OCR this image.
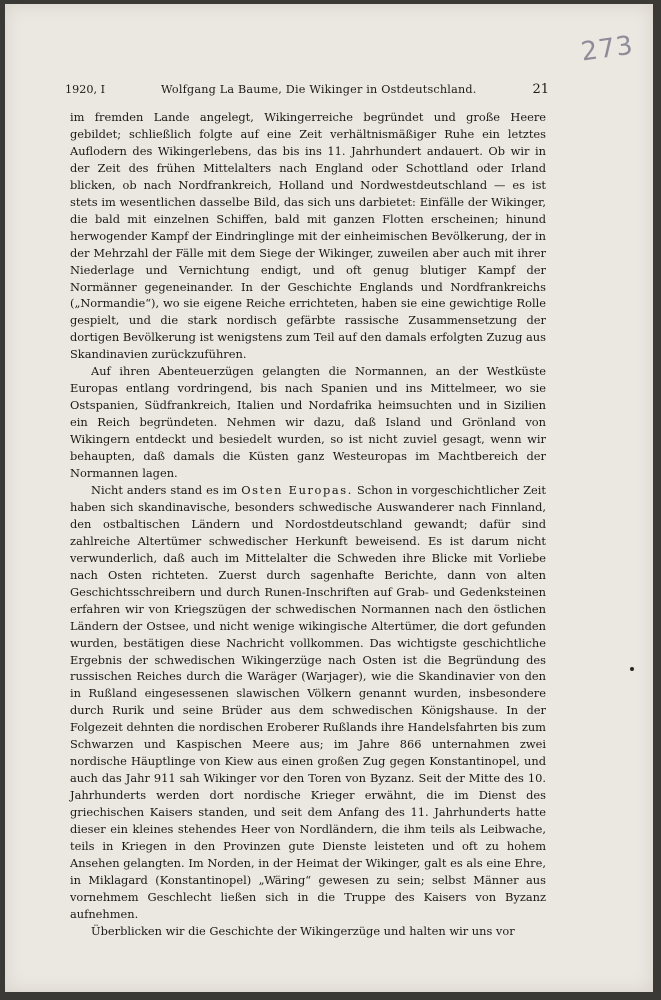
273
1920, I	Wolfgang La Baume, Die Wikinger in Ostdeutschland.	21

im fremden Lande angelegt, Wikingerreiche begründet und große Heere gebildet; schließlich folgte auf eine Zeit verhältnismäßiger Ruhe ein letztes Auflodern des Wikingerlebens, das bis ins 11. Jahrhundert andauert. Ob wir in der Zeit des frühen Mittelalters nach England oder Schottland oder Irland blicken, ob nach Nordfrankreich, Holland und Nordwestdeutschland — es ist stets im wesentlichen dasselbe Bild, das sich uns darbietet: Einfälle der Wikinger, die bald mit einzelnen Schiffen, bald mit ganzen Flotten erscheinen; hinund herwogender Kampf der Eindringlinge mit der einheimischen Bevölkerung, der in der Mehrzahl der Fälle mit dem Siege der Wikinger, zuweilen aber auch mit ihrer Niederlage und Vernichtung endigt, und oft genug blutiger Kampf der Normänner gegeneinander. In der Geschichte Englands und Nordfrankreichs („Normandie“), wo sie eigene Reiche errichteten, haben sie eine gewichtige Rolle gespielt, und die stark nordisch gefärbte rassische Zusammensetzung der dortigen Bevölkerung ist wenigstens zum Teil auf den damals erfolgten Zuzug aus Skandinavien zurückzuführen.

Auf ihren Abenteuerzügen gelangten die Normannen, an der Westküste Europas entlang vordringend, bis nach Spanien und ins Mittelmeer, wo sie Ostspanien, Südfrankreich, Italien und Nordafrika heimsuchten und in Sizilien ein Reich begründeten. Nehmen wir dazu, daß Island und Grönland von Wikingern entdeckt und besiedelt wurden, so ist nicht zuviel gesagt, wenn wir behaupten, daß damals die Küsten ganz Westeuropas im Machtbereich der Normannen lagen.

Nicht anders stand es im Osten Europas. Schon in vorgeschichtlicher Zeit haben sich skandinavische, besonders schwedische Auswanderer nach Finnland, den ostbaltischen Ländern und Nordostdeutschland gewandt; dafür sind zahlreiche Altertümer schwedischer Herkunft beweisend. Es ist darum nicht verwunderlich, daß auch im Mittelalter die Schweden ihre Blicke mit Vorliebe nach Osten richteten. Zuerst durch sagenhafte Berichte, dann von alten Geschichtsschreibern und durch Runen-Inschriften auf Grab- und Gedenksteinen erfahren wir von Kriegszügen der schwedischen Normannen nach den östlichen Ländern der Ostsee, und nicht wenige wikingische Altertümer, die dort gefunden wurden, bestätigen diese Nachricht vollkommen. Das wichtigste geschichtliche Ergebnis der schwedischen Wikingerzüge nach Osten ist die Begründung des russischen Reiches durch die Waräger (Warjager), wie die Skandinavier von den in Rußland eingesessenen slawischen Völkern genannt wurden, insbesondere durch Rurik und seine Brüder aus dem schwedischen Königshause. In der Folgezeit dehnten die nordischen Eroberer Rußlands ihre Handelsfahrten bis zum Schwarzen und Kaspischen Meere aus; im Jahre 866 unternahmen zwei nordische Häuptlinge von Kiew aus einen großen Zug gegen Konstantinopel, und auch das Jahr 911 sah Wikinger vor den Toren von Byzanz. Seit der Mitte des 10. Jahrhunderts werden dort nordische Krieger erwähnt, die im Dienst des griechischen Kaisers standen, und seit dem Anfang des 11. Jahrhunderts hatte dieser ein kleines stehendes Heer von Nordländern, die ihm teils als Leibwache, teils in Kriegen in den Provinzen gute Dienste leisteten und oft zu hohem Ansehen gelangten. Im Norden, in der Heimat der Wikinger, galt es als eine Ehre, in Miklagard (Konstantinopel) „Wäring“ gewesen zu sein; selbst Männer aus vornehmem Geschlecht ließen sich in die Truppe des Kaisers von Byzanz aufnehmen.

Überblicken wir die Geschichte der Wikingerzüge und halten wir uns vor
